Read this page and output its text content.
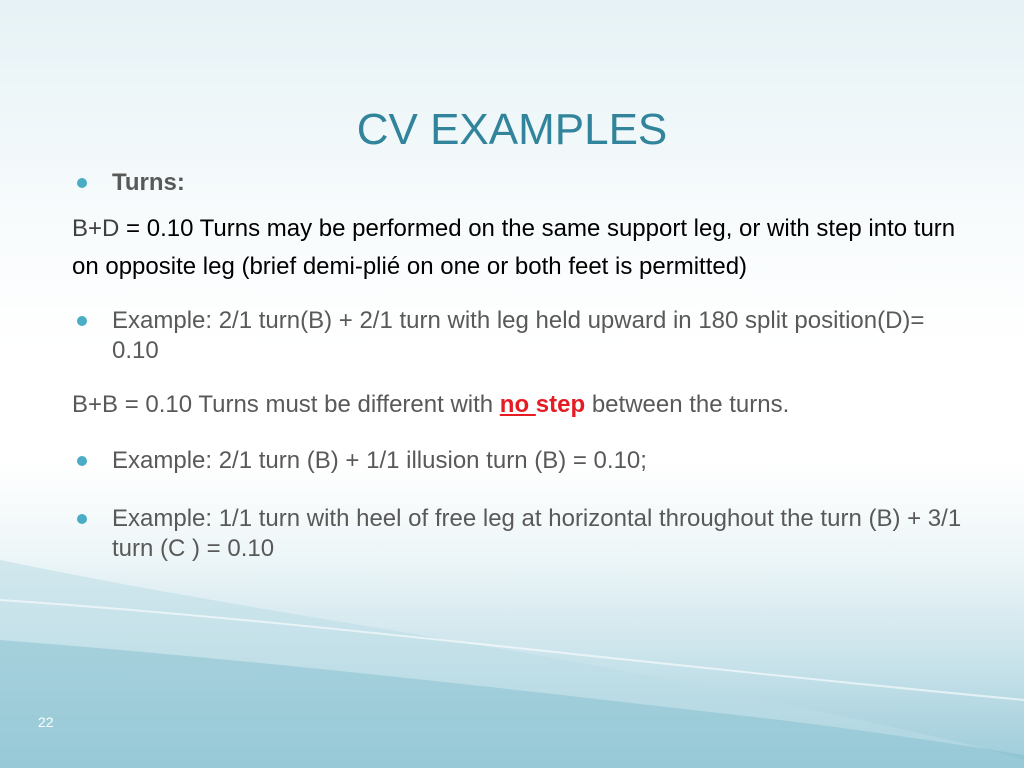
CV EXAMPLES
Turns:
B+D = 0.10 Turns may be performed on the same support leg, or with step into turn on opposite leg (brief demi-plié on one or both feet is permitted)
Example: 2/1 turn(B) + 2/1 turn with leg held upward in 180 split position(D)= 0.10
B+B = 0.10 Turns must be different with no step between the turns.
Example: 2/1 turn (B) + 1/1 illusion turn (B) = 0.10;
Example: 1/1 turn with heel of free leg at horizontal throughout the turn (B) + 3/1 turn (C ) = 0.10
22
